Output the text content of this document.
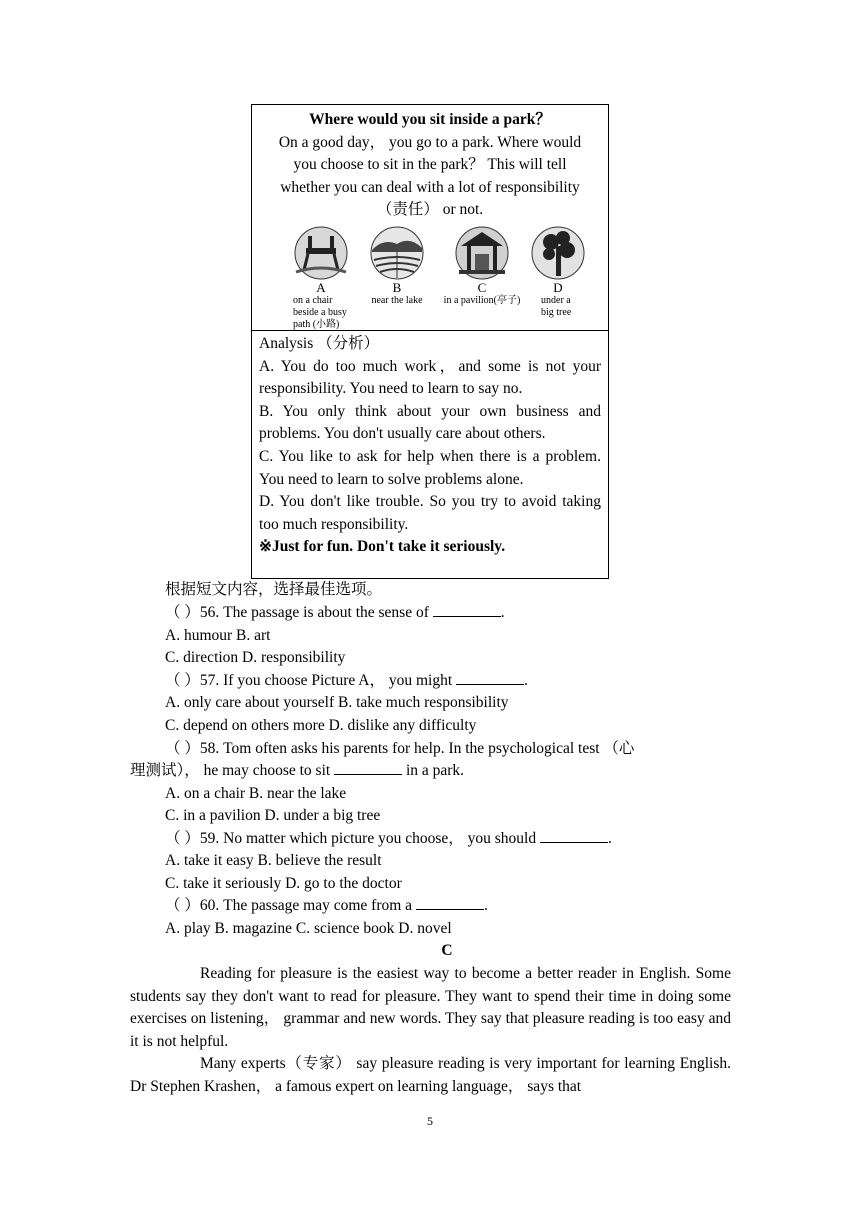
Where would you sit inside a park？
On a good day， you go to a park. Where would
you choose to sit in the park？ This will tell
whether you can deal with a lot of responsibility
（责任） or not.
A
on a chair
beside a busy
path (小路)
B
near the lake
C
in a pavilion(亭子)
D
under a
big tree
Analysis （分析）
A. You do too much work，and some is not your responsibility. You need to learn to say no.
B. You only think about your own business and problems. You don't usually care about others.
C. You like to ask for help when there is a problem. You need to learn to solve problems alone.
D. You don't like trouble. So you try to avoid taking too much responsibility.
※Just for fun. Don't take it seriously.
根据短文内容，选择最佳选项。
（ ）56. The passage is about the sense of	.
A. humour B. art
C. direction D. responsibility
（ ）57. If you choose Picture A， you might	.
A. only care about yourself B. take much responsibility
C. depend on others more D. dislike any difficulty
（ ）58. Tom often asks his parents for help. In the psychological test （心
理测试）， he may choose to sit	in a park.
A. on a chair B. near the lake
C. in a pavilion D. under a big tree
（ ）59. No matter which picture you choose， you should	.
A. take it easy B. believe the result
C. take it seriously D. go to the doctor
（ ）60. The passage may come from a	.
A. play B. magazine C. science book D. novel
C
Reading for pleasure is the easiest way to become a better reader in English. Some students say they don't want to read for pleasure. They want to spend their time in doing some exercises on listening， grammar and new words. They say that pleasure reading is too easy and it is not helpful.
Many experts（专家） say pleasure reading is very important for learning English. Dr Stephen Krashen， a famous expert on learning language， says that
5
